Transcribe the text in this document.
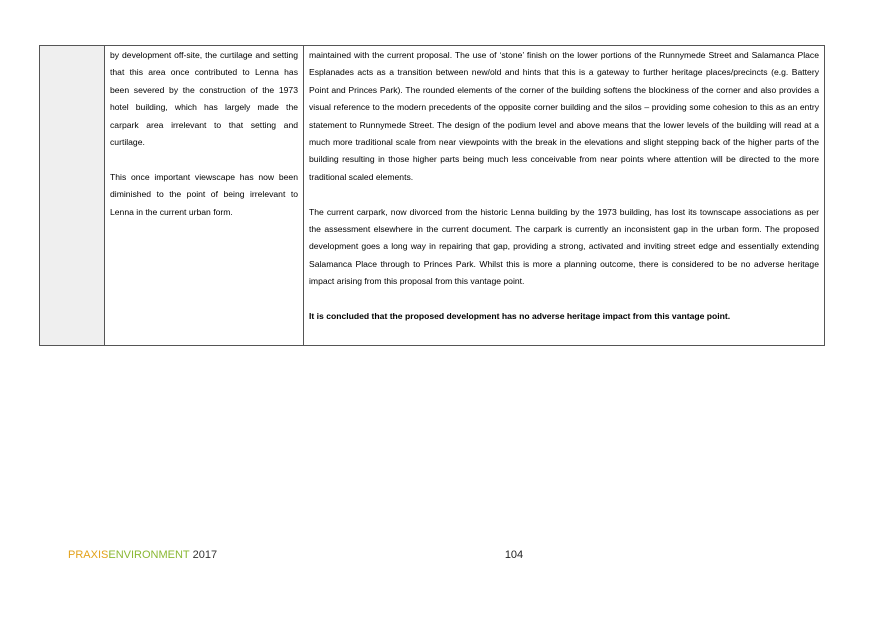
by development off-site, the curtilage and setting that this area once contributed to Lenna has been severed by the construction of the 1973 hotel building, which has largely made the carpark area irrelevant to that setting and curtilage.

This once important viewscape has now been diminished to the point of being irrelevant to Lenna in the current urban form.

maintained with the current proposal. The use of ‘stone’ finish on the lower portions of the Runnymede Street and Salamanca Place Esplanades acts as a transition between new/old and hints that this is a gateway to further heritage places/precincts (e.g. Battery Point and Princes Park). The rounded elements of the corner of the building softens the blockiness of the corner and also provides a visual reference to the modern precedents of the opposite corner building and the silos – providing some cohesion to this as an entry statement to Runnymede Street. The design of the podium level and above means that the lower levels of the building will read at a much more traditional scale from near viewpoints with the break in the elevations and slight stepping back of the higher parts of the building resulting in those higher parts being much less conceivable from near points where attention will be directed to the more traditional scaled elements.

The current carpark, now divorced from the historic Lenna building by the 1973 building, has lost its townscape associations as per the assessment elsewhere in the current document. The carpark is currently an inconsistent gap in the urban form. The proposed development goes a long way in repairing that gap, providing a strong, activated and inviting street edge and essentially extending Salamanca Place through to Princes Park. Whilst this is more a planning outcome, there is considered to be no adverse heritage impact arising from this proposal from this vantage point.

It is concluded that the proposed development has no adverse heritage impact from this vantage point.

PRAXISENVIRONMENT 2017	104
